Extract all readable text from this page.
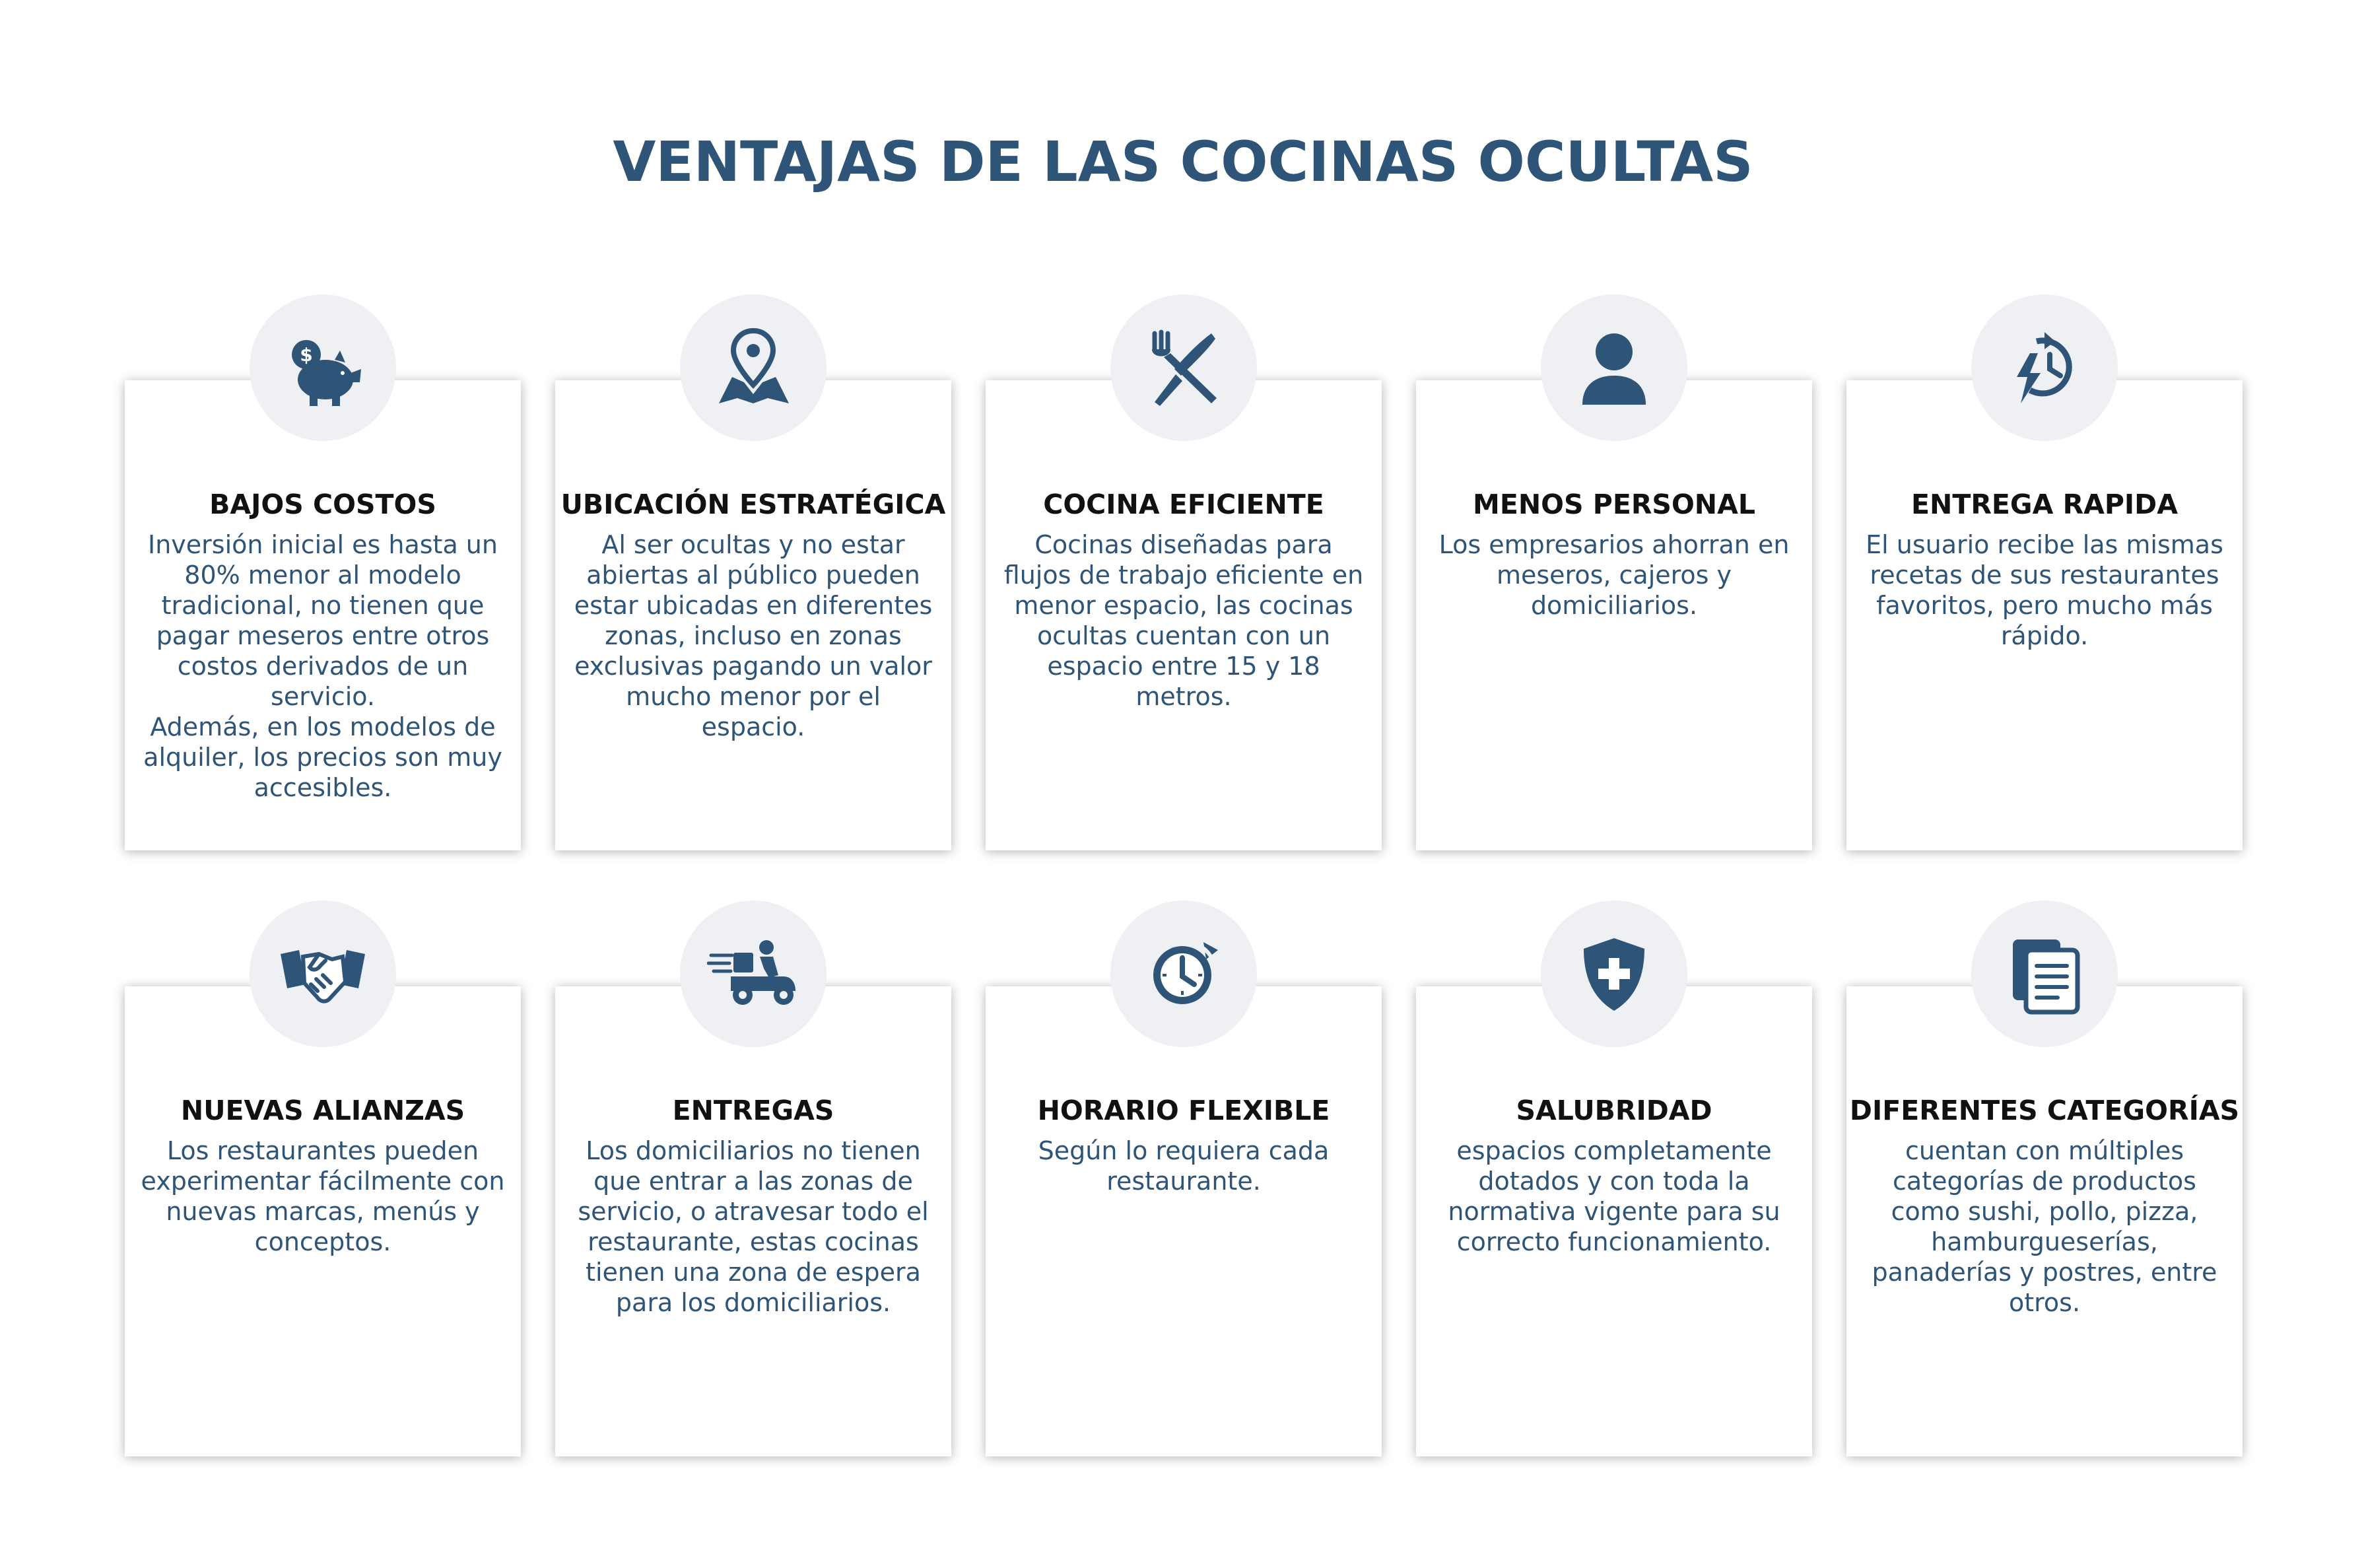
VENTAJAS DE LAS COCINAS OCULTAS
BAJOS COSTOS

Inversión inicial es hasta un 80% menor al modelo tradicional, no tienen que pagar meseros entre otros costos derivados de un servicio.
Además, en los modelos de alquiler, los precios son muy accesibles.

$
UBICACIÓN ESTRATÉGICA

Al ser ocultas y no estar abiertas al público pueden estar ubicadas en diferentes zonas, incluso en zonas exclusivas pagando un valor mucho menor por el espacio.

COCINA EFICIENTE

Cocinas diseñadas para flujos de trabajo eficiente en menor espacio, las cocinas ocultas cuentan con un espacio entre 15 y 18 metros.

MENOS PERSONAL

Los empresarios ahorran en meseros, cajeros y domiciliarios.

ENTREGA RAPIDA

El usuario recibe las mismas recetas de sus restaurantes favoritos, pero mucho más rápido.

NUEVAS ALIANZAS

Los restaurantes pueden experimentar fácilmente con nuevas marcas, menús y conceptos.

ENTREGAS

Los domiciliarios no tienen que entrar a las zonas de servicio, o atravesar todo el restaurante, estas cocinas tienen una zona de espera para los domiciliarios.

HORARIO FLEXIBLE

Según lo requiera cada restaurante.

SALUBRIDAD

espacios completamente dotados y con toda la normativa vigente para su correcto funcionamiento.

DIFERENTES CATEGORÍAS

cuentan con múltiples categorías de productos como sushi, pollo, pizza, hamburgueserías, panaderías y postres, entre otros.
